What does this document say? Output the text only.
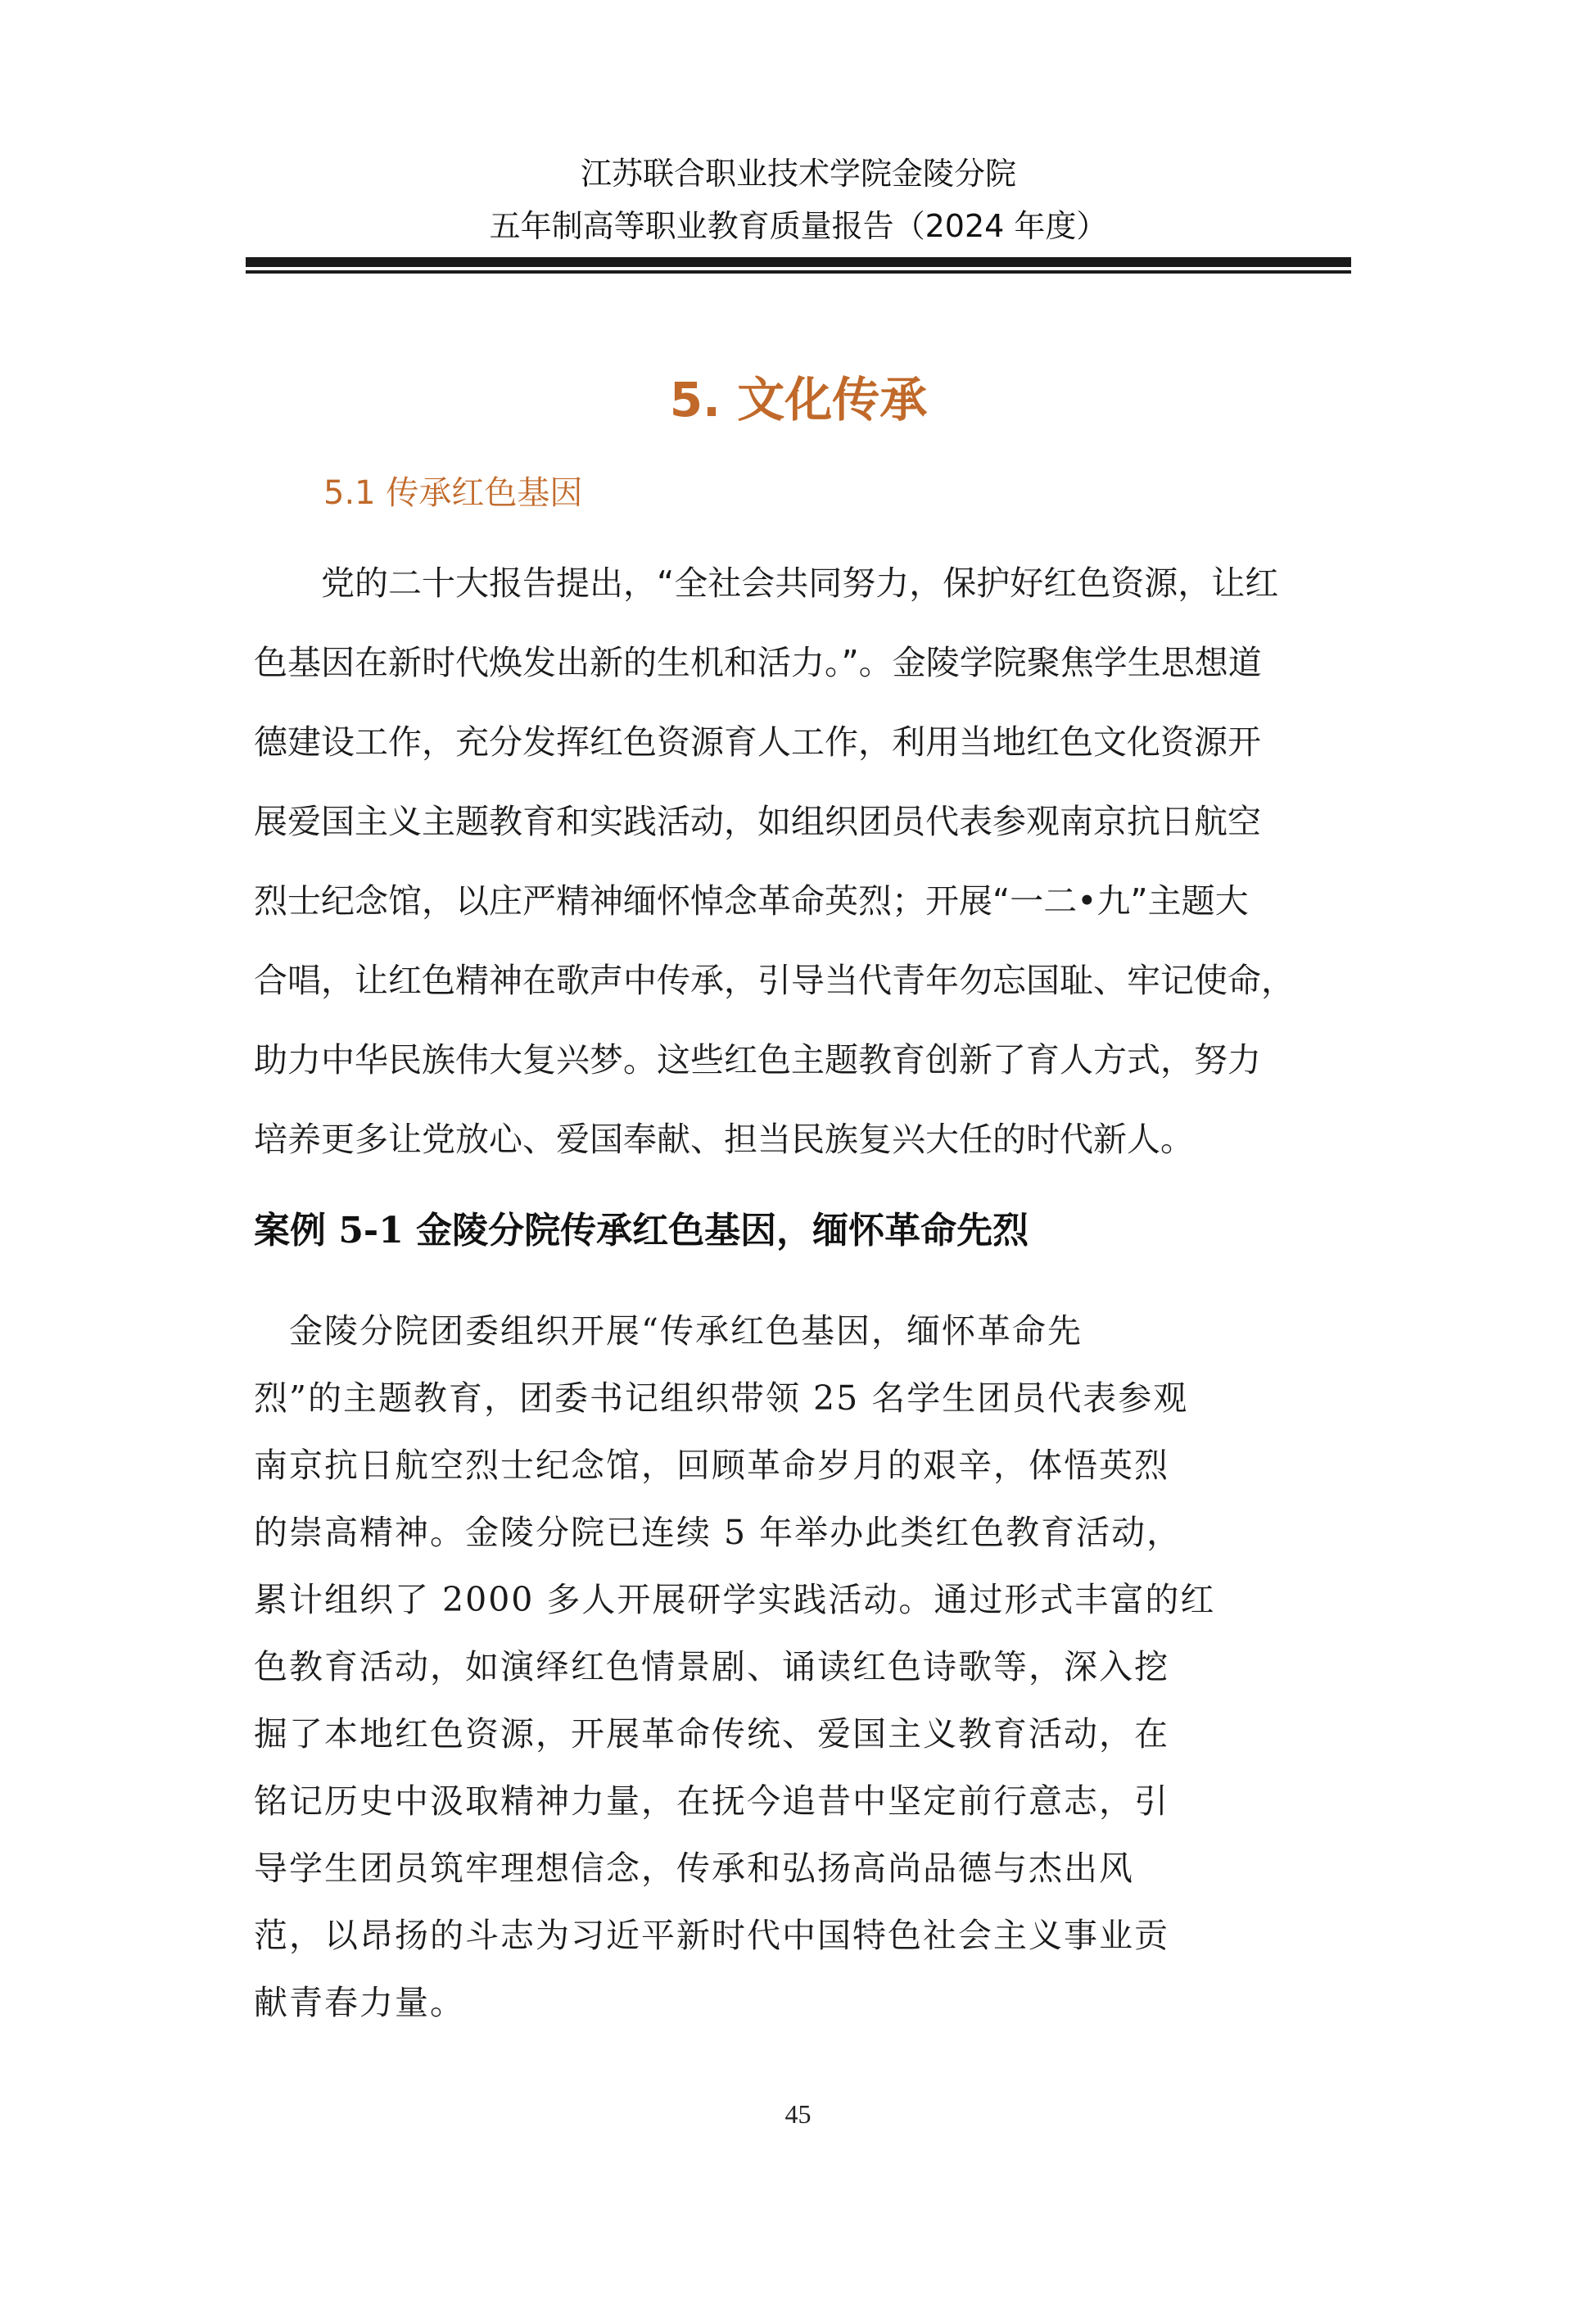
江苏联合职业技术学院金陵分院
五年制高等职业教育质量报告（2024 年度）
5. 文化传承
5.1 传承红色基因
　　党的二十大报告提出，“全社会共同努力，保护好红色资源，让红
色基因在新时代焕发出新的生机和活力。”。金陵学院聚焦学生思想道
德建设工作，充分发挥红色资源育人工作，利用当地红色文化资源开
展爱国主义主题教育和实践活动，如组织团员代表参观南京抗日航空
烈士纪念馆，以庄严精神缅怀悼念革命英烈；开展“一二•九”主题大
合唱，让红色精神在歌声中传承，引导当代青年勿忘国耻、牢记使命，
助力中华民族伟大复兴梦。这些红色主题教育创新了育人方式，努力
培养更多让党放心、爱国奉献、担当民族复兴大任的时代新人。
案例 5-1 金陵分院传承红色基因，缅怀革命先烈
　金陵分院团委组织开展“传承红色基因，缅怀革命先
烈”的主题教育，团委书记组织带领 25 名学生团员代表参观
南京抗日航空烈士纪念馆，回顾革命岁月的艰辛，体悟英烈
的崇高精神。金陵分院已连续 5 年举办此类红色教育活动，
累计组织了 2000 多人开展研学实践活动。通过形式丰富的红
色教育活动，如演绎红色情景剧、诵读红色诗歌等，深入挖
掘了本地红色资源，开展革命传统、爱国主义教育活动，在
铭记历史中汲取精神力量，在抚今追昔中坚定前行意志，引
导学生团员筑牢理想信念，传承和弘扬高尚品德与杰出风
范，以昂扬的斗志为习近平新时代中国特色社会主义事业贡
献青春力量。
45
